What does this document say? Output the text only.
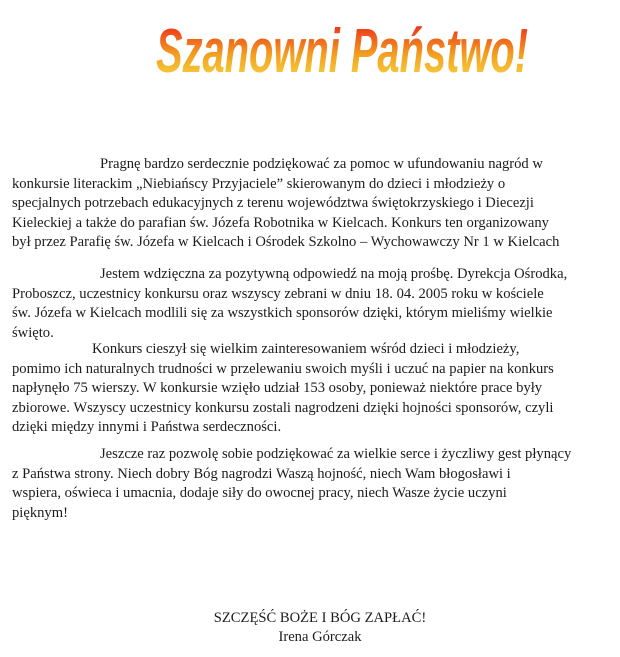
Szanowni Państwo!

Pragnę bardzo serdecznie podziękować za pomoc w ufundowaniu nagród w
konkursie literackim „Niebiańscy Przyjaciele” skierowanym do dzieci i młodzieży o
specjalnych potrzebach edukacyjnych z terenu województwa świętokrzyskiego i Diecezji
Kieleckiej a także do parafian św. Józefa Robotnika w Kielcach. Konkurs ten organizowany
był przez Parafię św. Józefa w Kielcach i Ośrodek Szkolno – Wychowawczy Nr 1 w Kielcach

Jestem wdzięczna za pozytywną odpowiedź na moją prośbę. Dyrekcja Ośrodka,
Proboszcz, uczestnicy konkursu oraz wszyscy zebrani w dniu 18. 04. 2005 roku w kościele
św. Józefa w Kielcach modlili się za wszystkich sponsorów dzięki, którym mieliśmy wielkie
święto.

Konkurs cieszył się wielkim zainteresowaniem wśród dzieci i młodzieży,
pomimo ich naturalnych trudności w przelewaniu swoich myśli i uczuć na papier na konkurs
napłynęło 75 wierszy. W konkursie wzięło udział 153 osoby, ponieważ niektóre prace były
zbiorowe. Wszyscy uczestnicy konkursu zostali nagrodzeni dzięki hojności sponsorów, czyli
dzięki między innymi i Państwa serdeczności.

Jeszcze raz pozwolę sobie podziękować za wielkie serce i życzliwy gest płynący
z Państwa strony. Niech dobry Bóg nagrodzi Waszą hojność, niech Wam błogosławi i
wspiera, oświeca i umacnia, dodaje siły do owocnej pracy, niech Wasze życie uczyni
pięknym!

SZCZĘŚĆ BOŻE I BÓG ZAPŁAĆ!
Irena Górczak
